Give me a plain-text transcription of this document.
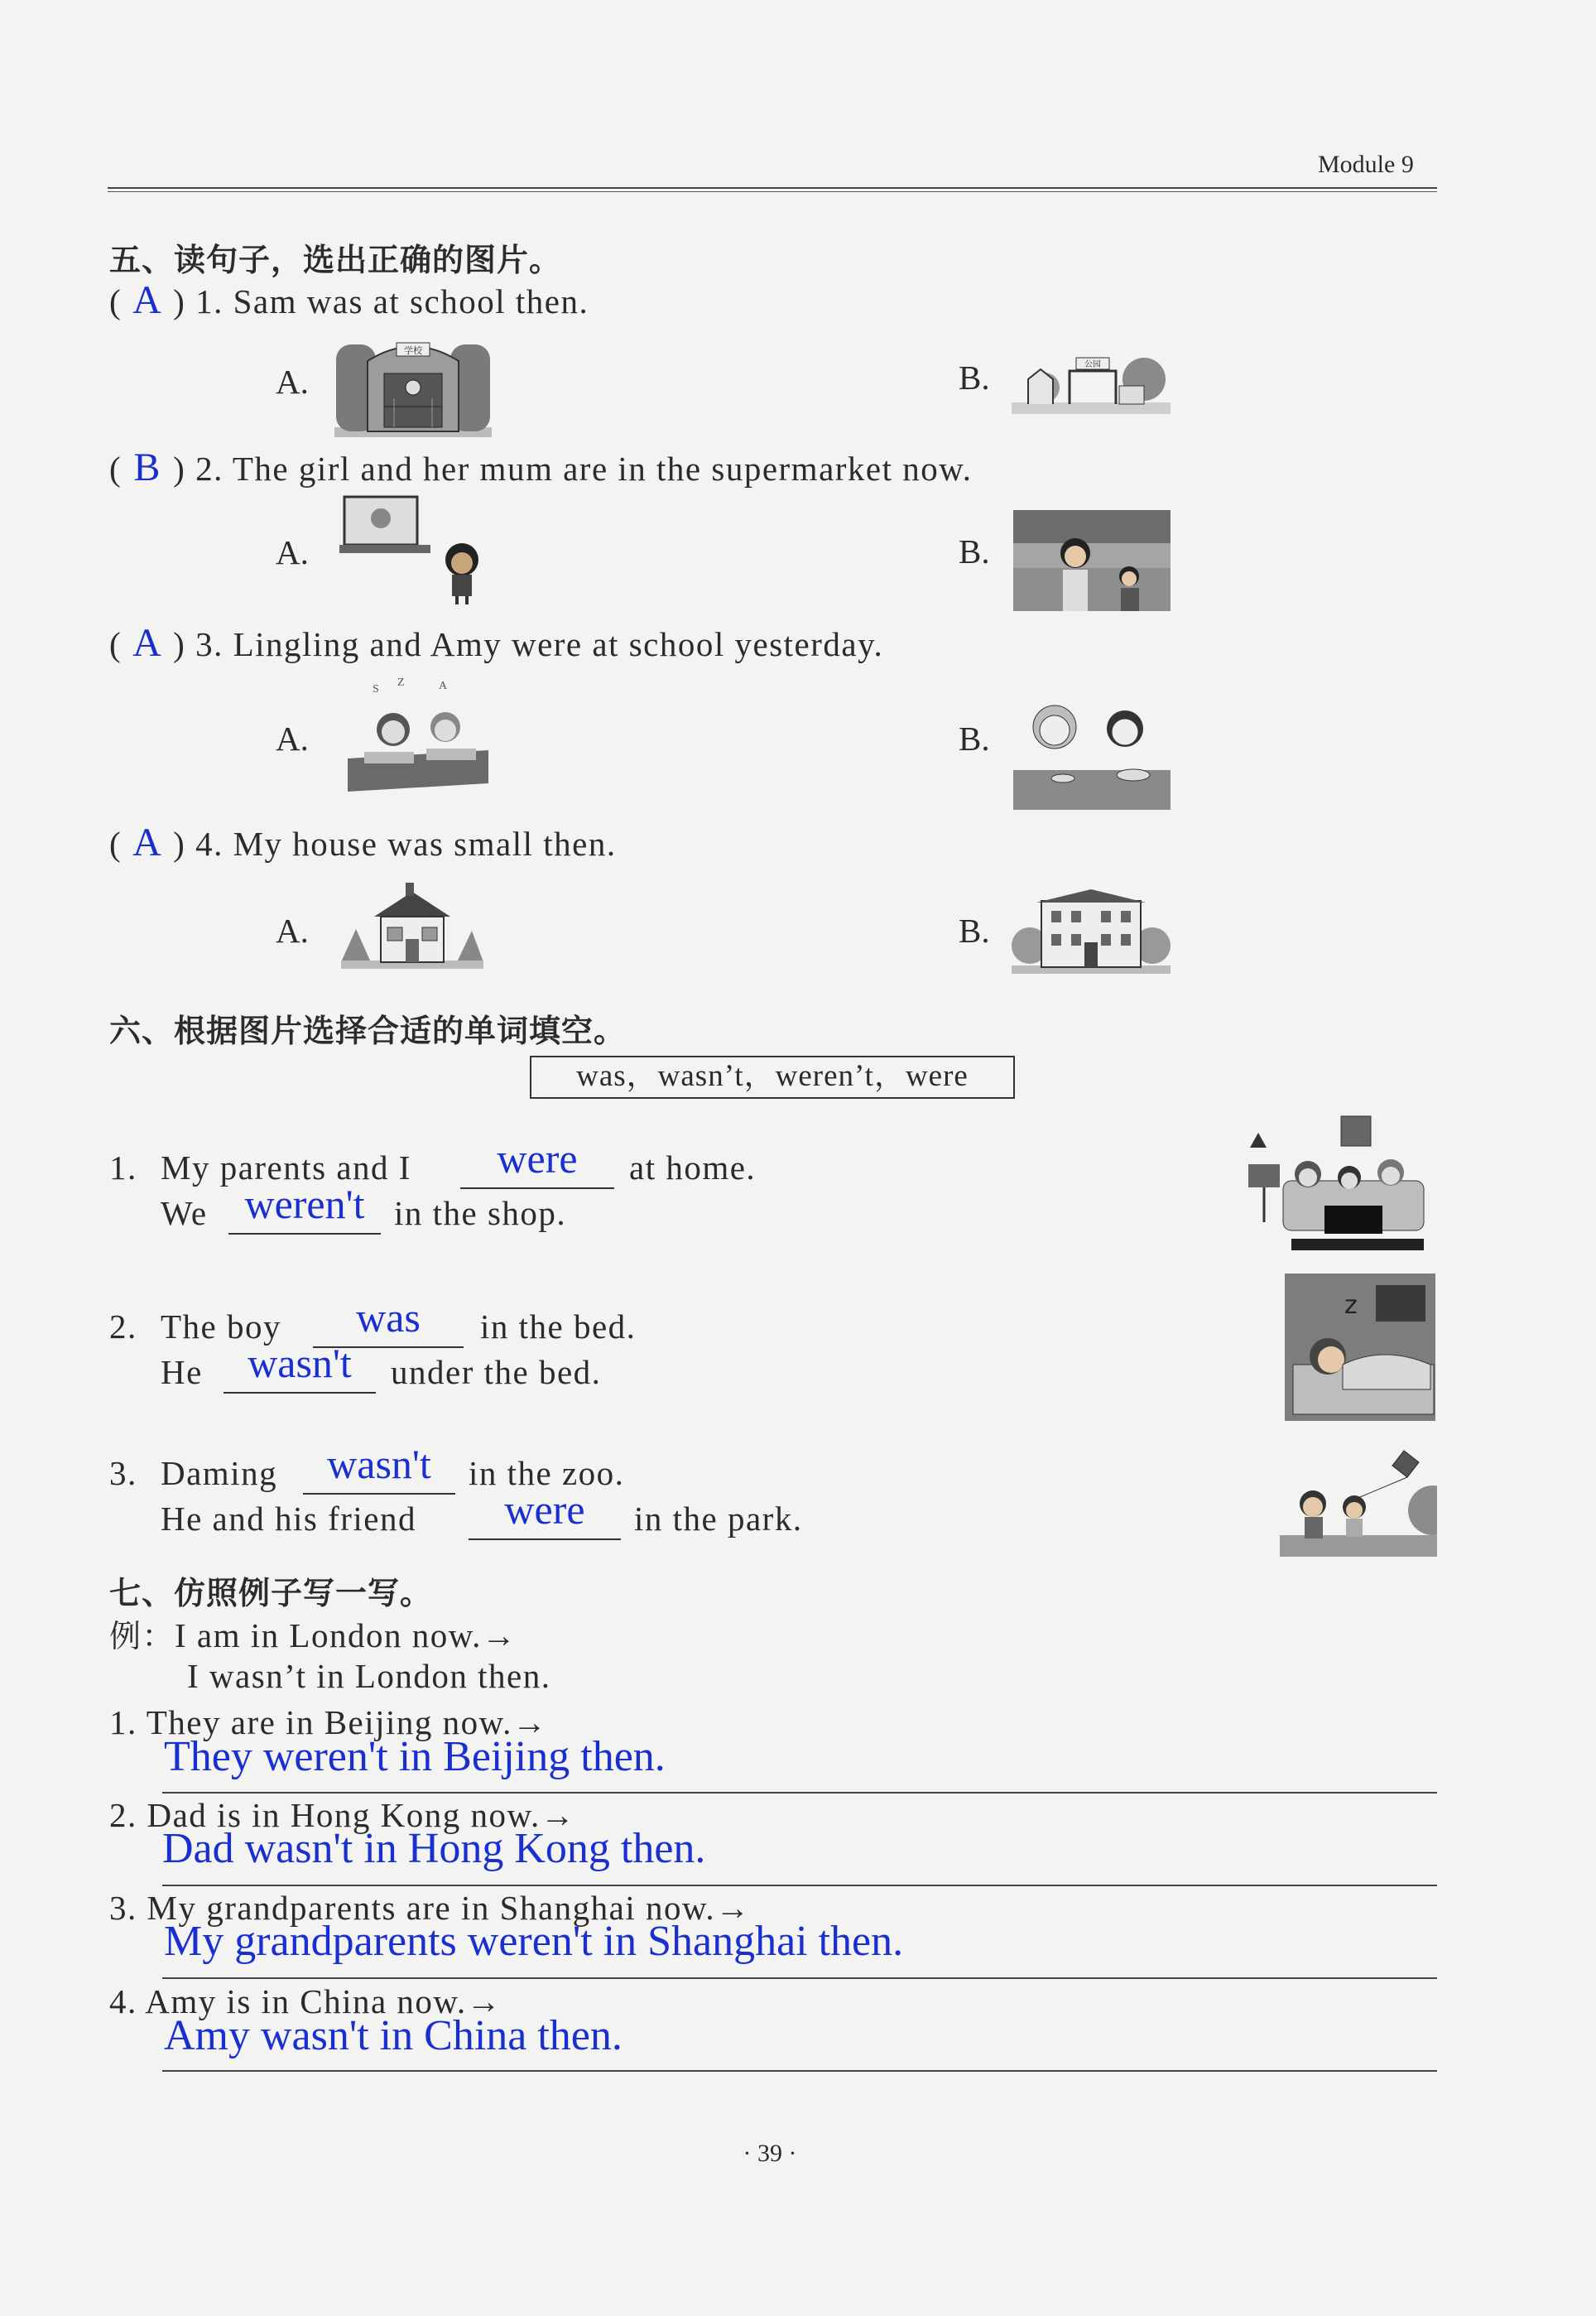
Module 9
五、读句子，选出正确的图片。
( A ) 1. Sam was at school then.
A.
学校
B.	公园
( B ) 2. The girl and her mum are in the supermarket now.
A.	B.
( A ) 3. Lingling and Amy were at school yesterday.
A.
S
Z	A
B.
( A ) 4. My house was small then.
A.	B.
六、根据图片选择合适的单词填空。
was，wasn’t，weren’t，were
1. My parents and I	were	at home.
We weren't in the shop.
2. The boy	was	in the bed.
He	wasn't	under the bed.
z
3. Daming	wasn't	in the zoo.
He and his friend	were	in the park.
七、仿照例子写一写。
例：I am in London now.→
I wasn’t in London then.
1. They are in Beijing now.→
They weren't in Beijing then.
2. Dad is in Hong Kong now.→
Dad wasn't in Hong Kong then.
3. My grandparents are in Shanghai now.→
My grandparents weren't in Shanghai then.
4. Amy is in China now.→
Amy wasn't in China then.
· 39 ·
